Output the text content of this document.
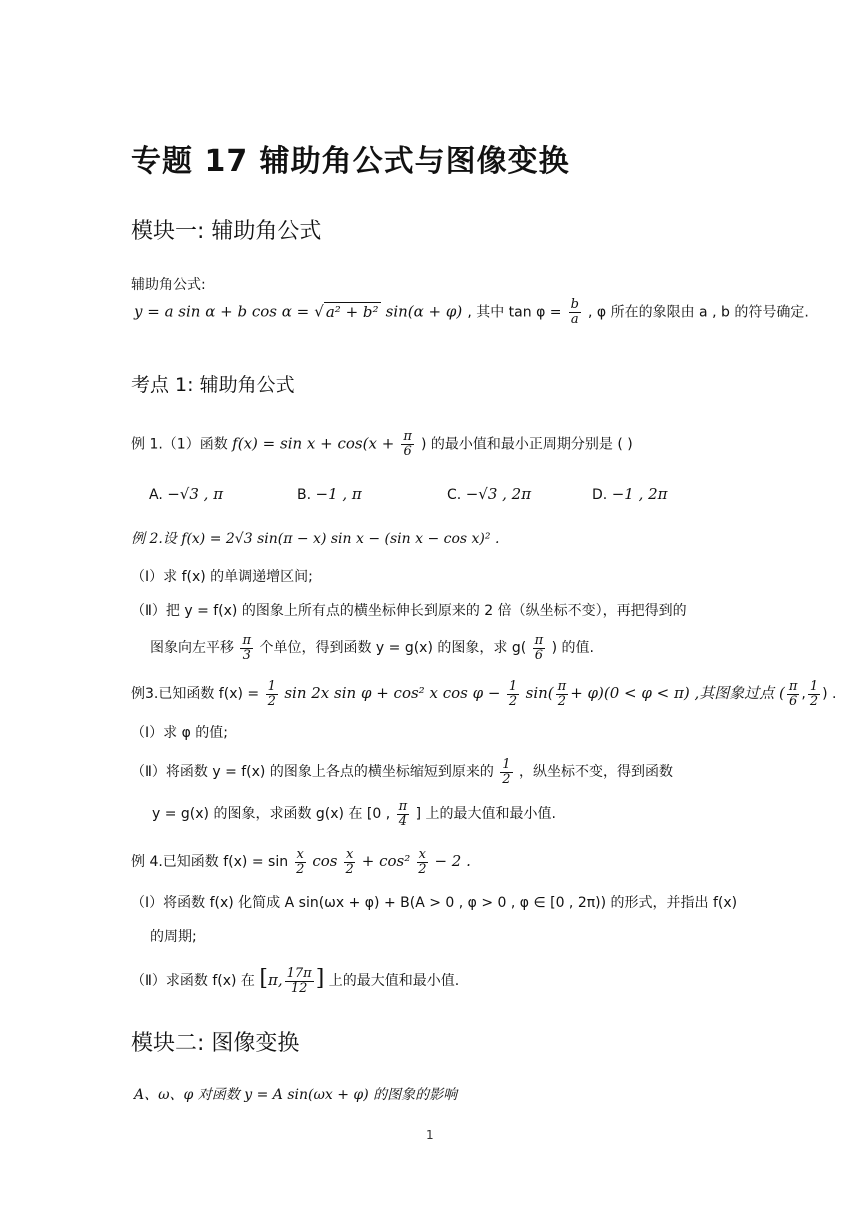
专题 17 辅助角公式与图像变换
模块一: 辅助角公式
辅助角公式:
y = a sin α + b cos α = √ a² + b² sin(α + φ) , 其中 $\tan \varphi = \frac{b}{a}$ , φ 所在的象限由 a , b 的符号确定.
考点 1: 辅助角公式
例 1.（1）函数 $f(x) = \sin x + \cos(x + \frac{\pi}{6}$ ) 的最小值和最小正周期分别是 ( )
A. −√3 , π	B. −1 , π	C. −√3 , 2π	D. −1 , 2π
例 2.设 f(x) = 2√3 sin(π − x) sin x − (sin x − cos x)² .
（Ⅰ）求 f(x) 的单调递增区间;
（Ⅱ）把 y = f(x) 的图象上所有点的横坐标伸长到原来的 2 倍（纵坐标不变），再把得到的
图象向左平移 $\frac{\pi}{3}$ 个单位，得到函数 y = g(x) 的图象，求 $g( \frac{\pi}{6}$ ) 的值.
例3.已知函数 $f(x) = \frac{1}{2}$ sin 2x sin φ + cos² x $\cos \varphi - \frac{1}{2} \sin( \frac{\pi}{2} + \varphi)(0 < \varphi < \pi)$ ,其图象过点 ( $\frac{\pi}{6}$ , $\frac{1}{2}$ ) .
（Ⅰ）求 φ 的值;
（Ⅱ）将函数 y = f(x) 的图象上各点的横坐标缩短到原来的 $\frac{1}{2}$ ，纵坐标不变，得到函数
y = g(x) 的图象，求函数 g(x) 在 [0 , $\frac{\pi}{4}$ ] 上的最大值和最小值.
例 4.已知函数 $f(x) = \sin \frac{x}{2}$ $\cos \frac{x}{2} + \cos^2 \frac{x}{2} - 2$ .
（Ⅰ）将函数 f(x) 化简成 A sin(ωx + φ) + B(A > 0 , φ > 0 , φ ∈ [0 , 2π)) 的形式，并指出 f(x)
的周期;
（Ⅱ）求函数 f(x) 在 [π, $\frac{17\pi}{12}$ ] 上的最大值和最小值.
模块二: 图像变换
A、ω、φ 对函数 y = A sin(ωx + φ) 的图象的影响
1
